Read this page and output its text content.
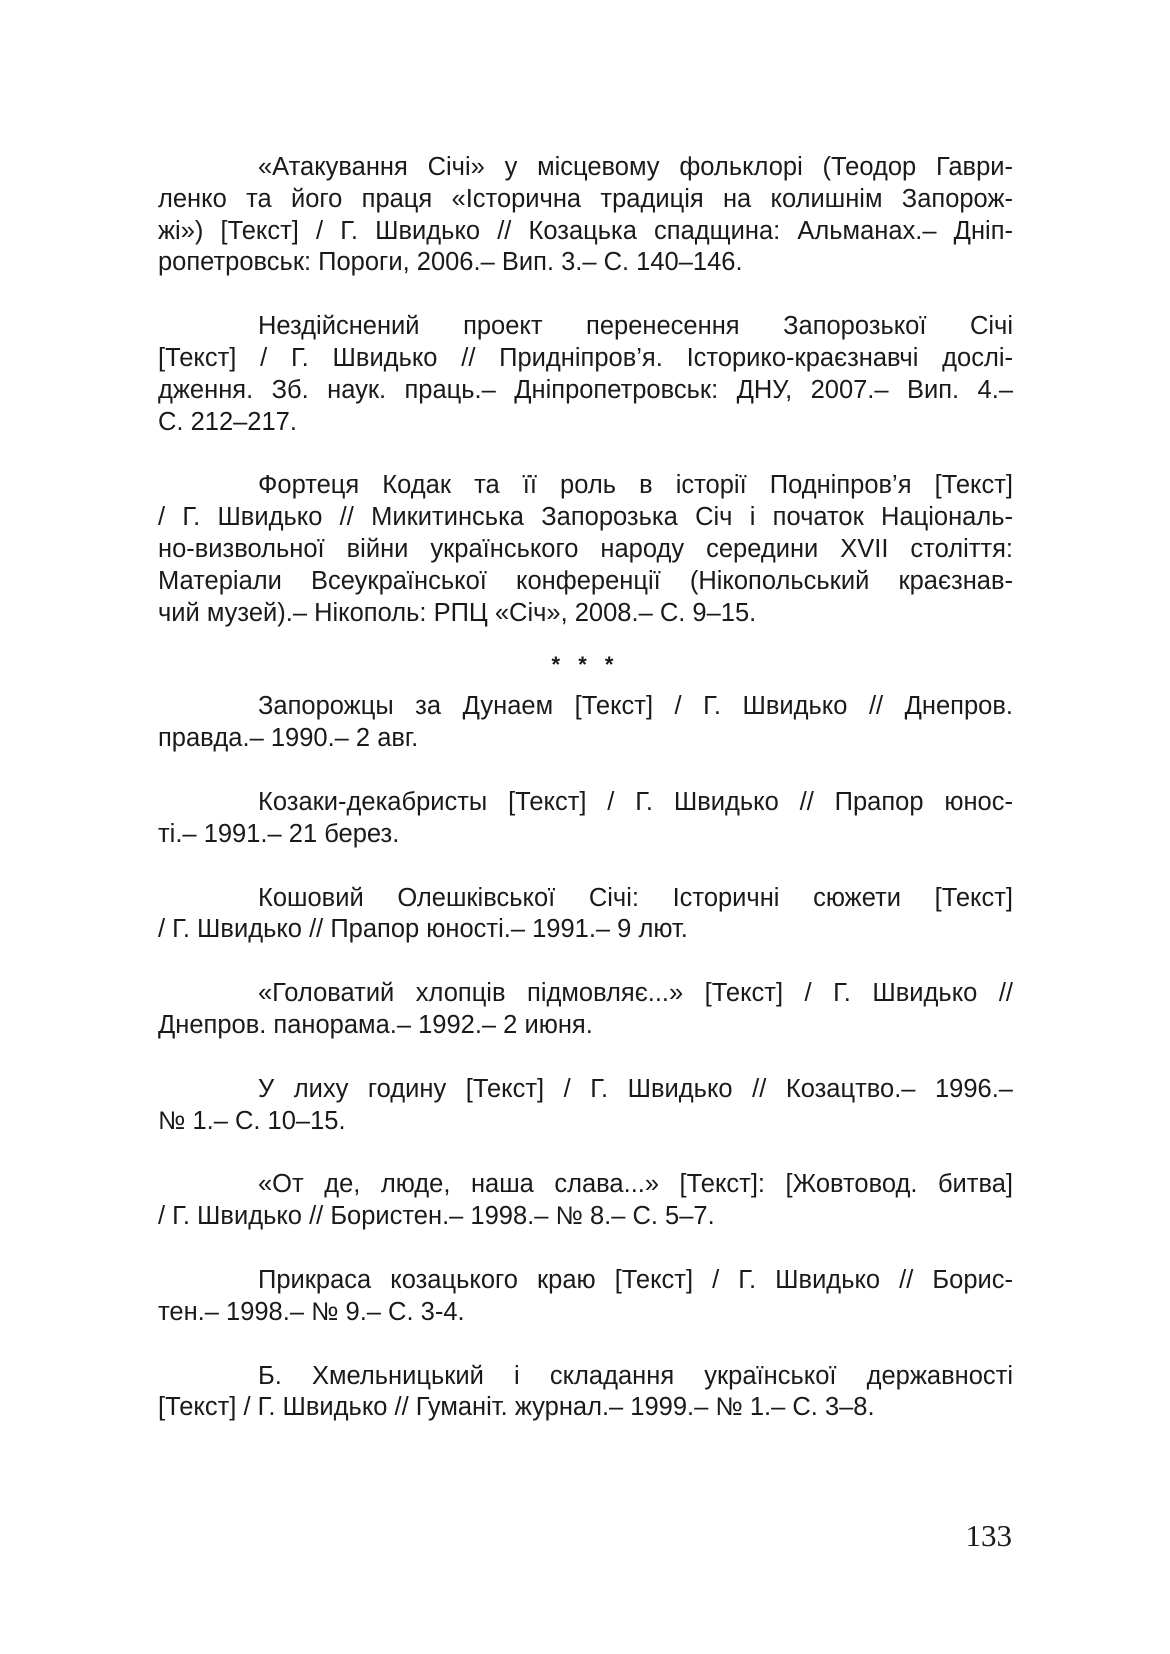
«Атакування Січі» у місцевому фольклорі (Теодор Гаври-
ленко та його праця «Історична традиція на колишнім Запорож-
жі») [Текст] / Г. Швидько // Козацька спадщина: Альманах.– Дніп-
ропетровськ: Пороги, 2006.– Вип. 3.– С. 140–146.
Нездійснений проект перенесення Запорозької Січі
[Текст] / Г. Швидько // Придніпров’я. Історико-краєзнавчі дослі-
дження. Зб. наук. праць.– Дніпропетровськ: ДНУ, 2007.– Вип. 4.–
С. 212–217.
Фортеця Кодак та її роль в історії Подніпров’я [Текст]
/ Г. Швидько // Микитинська Запорозька Січ і початок Національ-
но-визвольної війни українського народу середини XVII століття:
Матеріали Всеукраїнської конференції (Нікопольський краєзнав-
чий музей).– Нікополь: РПЦ «Січ», 2008.– С. 9–15.
* * *
Запорожцы за Дунаем [Текст] / Г. Швидько // Днепров.
правда.– 1990.– 2 авг.
Козаки-декабристы [Текст] / Г. Швидько // Прапор юнос-
ті.– 1991.– 21 берез.
Кошовий Олешківської Січі: Історичні сюжети [Текст]
/ Г. Швидько // Прапор юності.– 1991.– 9 лют.
«Головатий хлопців підмовляє...» [Текст] / Г. Швидько //
Днепров. панорама.– 1992.– 2 июня.
У лиху годину [Текст] / Г. Швидько // Козацтво.– 1996.–
№ 1.– С. 10–15.
«От де, люде, наша слава...» [Текст]: [Жовтовод. битва]
/ Г. Швидько // Бористен.– 1998.– № 8.– С. 5–7.
Прикраса козацького краю [Текст] / Г. Швидько // Борис-
тен.– 1998.– № 9.– С. 3-4.
Б. Хмельницький і складання української державності
[Текст] / Г. Швидько // Гуманіт. журнал.– 1999.– № 1.– С. 3–8.
133
